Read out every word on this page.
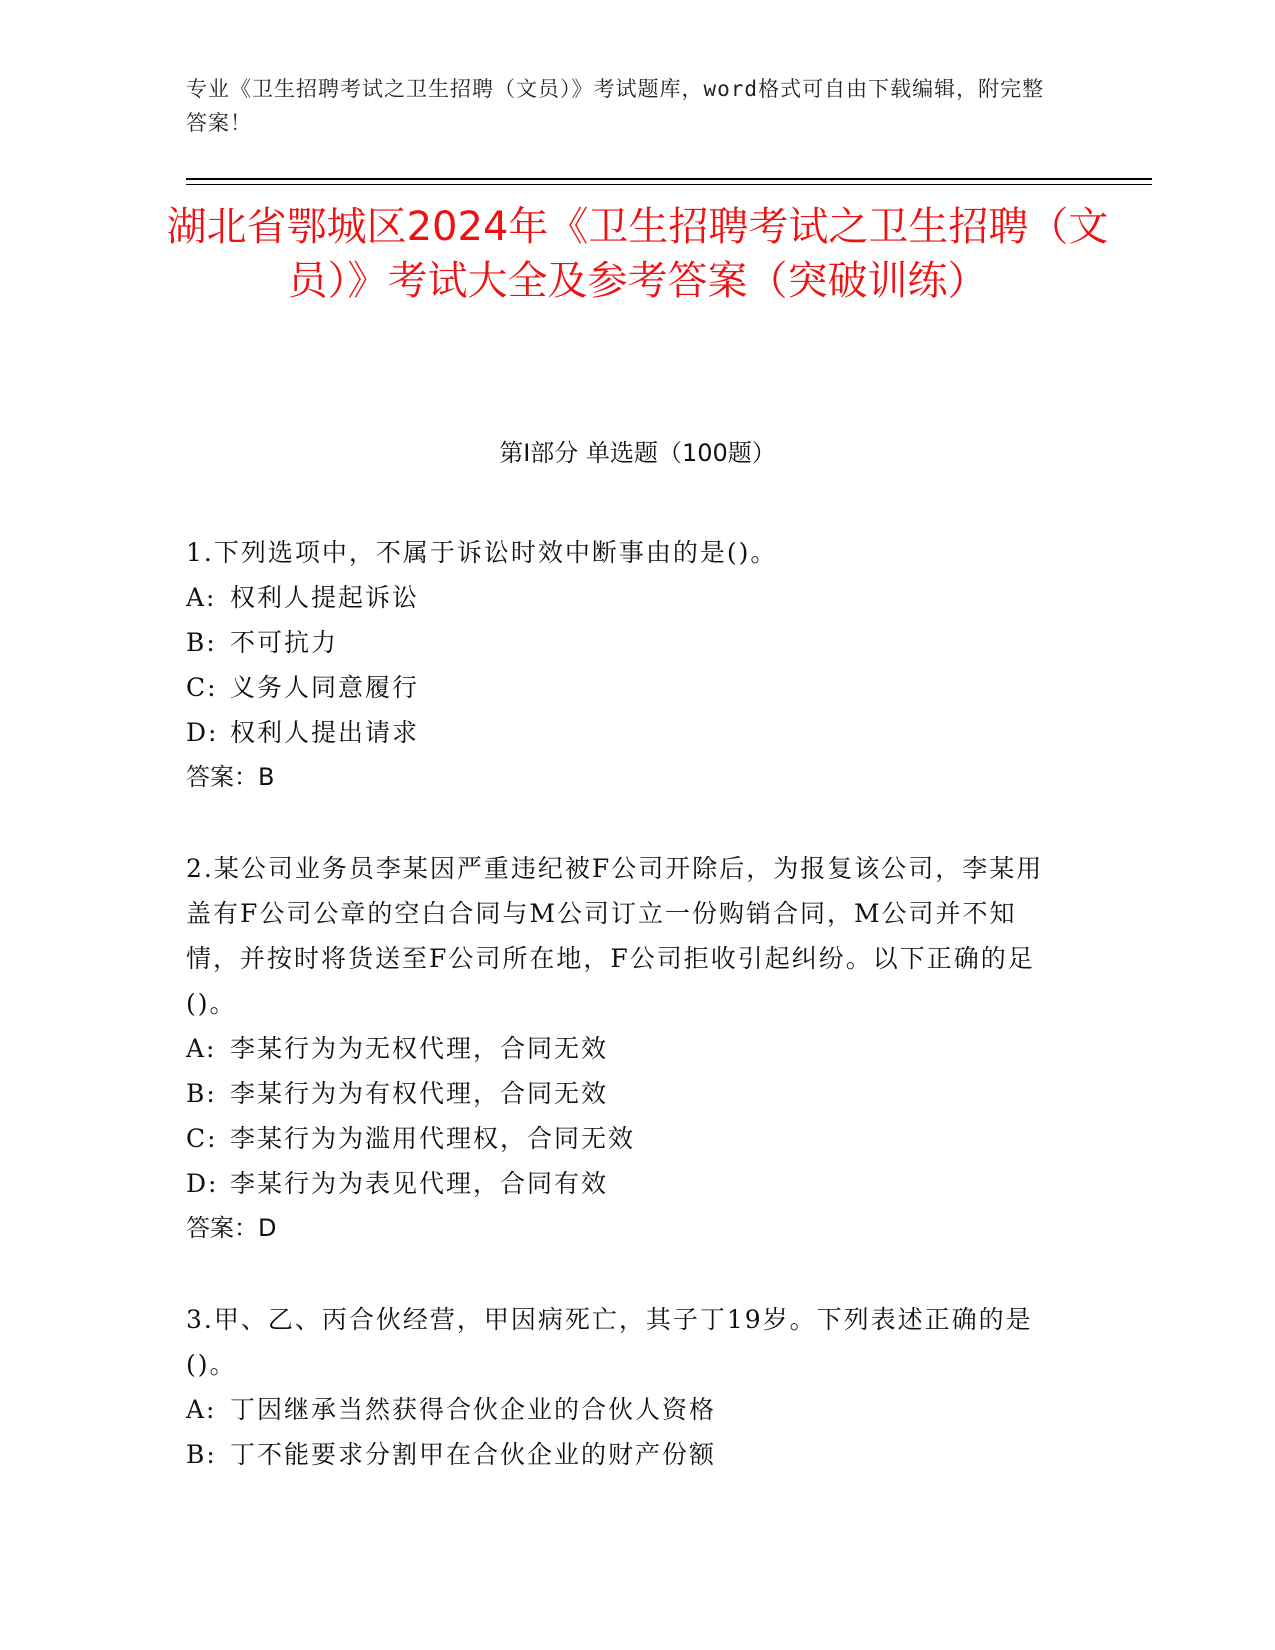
专业《卫生招聘考试之卫生招聘（文员）》考试题库，word格式可自由下载编辑，附完整答案！
湖北省鄂城区2024年《卫生招聘考试之卫生招聘（文员）》考试大全及参考答案（突破训练）
第Ⅰ部分 单选题（100题）
1.下列选项中，不属于诉讼时效中断事由的是()。
A: 权利人提起诉讼
B: 不可抗力
C: 义务人同意履行
D: 权利人提出请求
答案：B
2.某公司业务员李某因严重违纪被F公司开除后，为报复该公司，李某用盖有F公司公章的空白合同与M公司订立一份购销合同，M公司并不知情，并按时将货送至F公司所在地，F公司拒收引起纠纷。以下正确的足()。
A: 李某行为为无权代理，合同无效
B: 李某行为为有权代理，合同无效
C: 李某行为为滥用代理权，合同无效
D: 李某行为为表见代理，合同有效
答案：D
3.甲、乙、丙合伙经营，甲因病死亡，其子丁19岁。下列表述正确的是()。
A: 丁因继承当然获得合伙企业的合伙人资格
B: 丁不能要求分割甲在合伙企业的财产份额
